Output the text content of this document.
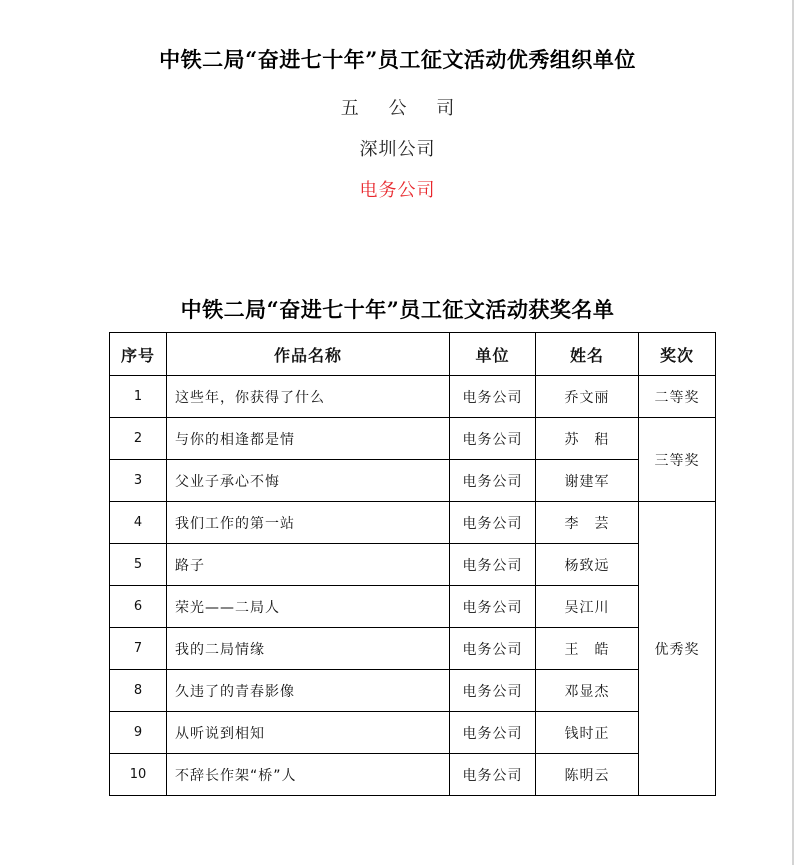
中铁二局“奋进七十年”员工征文活动优秀组织单位
五 公 司
深圳公司
电务公司
中铁二局“奋进七十年”员工征文活动获奖名单
序号	作品名称	单位	姓名	奖次
1	这些年，你获得了什么	电务公司	乔文丽	二等奖
2	与你的相逢都是情	电务公司	苏　稆	三等奖
3	父业子承心不悔	电务公司	谢建军	
4	我们工作的第一站	电务公司	李　芸	优秀奖
5	路子	电务公司	杨致远	
6	荣光——二局人	电务公司	吴江川	
7	我的二局情缘	电务公司	王　皓	
8	久违了的青春影像	电务公司	邓显杰	
9	从听说到相知	电务公司	钱时正	
10	不辞长作架“桥”人	电务公司	陈明云	
